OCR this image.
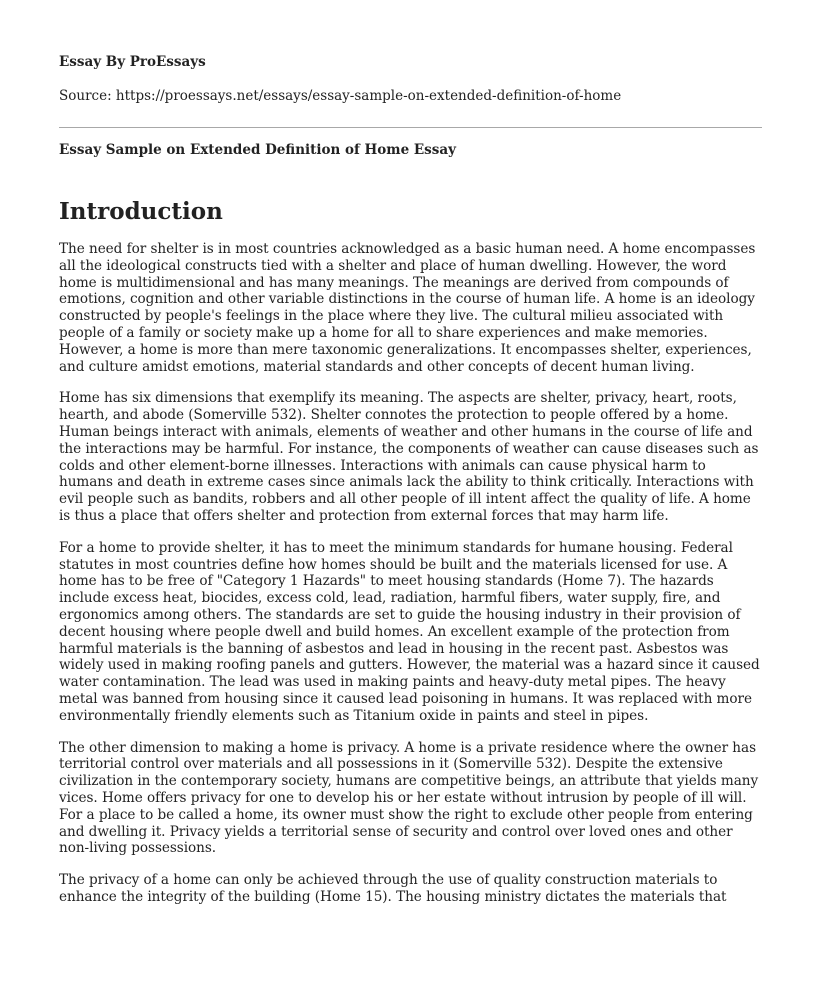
Essay By ProEssays

Source: https://proessays.net/essays/essay-sample-on-extended-definition-of-home

Essay Sample on Extended Definition of Home Essay

Introduction

The need for shelter is in most countries acknowledged as a basic human need. A home encompasses all the ideological constructs tied with a shelter and place of human dwelling. However, the word home is multidimensional and has many meanings. The meanings are derived from compounds of emotions, cognition and other variable distinctions in the course of human life. A home is an ideology constructed by people's feelings in the place where they live. The cultural milieu associated with people of a family or society make up a home for all to share experiences and make memories. However, a home is more than mere taxonomic generalizations. It encompasses shelter, experiences, and culture amidst emotions, material standards and other concepts of decent human living.

Home has six dimensions that exemplify its meaning. The aspects are shelter, privacy, heart, roots, hearth, and abode (Somerville 532). Shelter connotes the protection to people offered by a home. Human beings interact with animals, elements of weather and other humans in the course of life and the interactions may be harmful. For instance, the components of weather can cause diseases such as colds and other element-borne illnesses. Interactions with animals can cause physical harm to humans and death in extreme cases since animals lack the ability to think critically. Interactions with evil people such as bandits, robbers and all other people of ill intent affect the quality of life. A home is thus a place that offers shelter and protection from external forces that may harm life.

For a home to provide shelter, it has to meet the minimum standards for humane housing. Federal statutes in most countries define how homes should be built and the materials licensed for use. A home has to be free of "Category 1 Hazards" to meet housing standards (Home 7). The hazards include excess heat, biocides, excess cold, lead, radiation, harmful fibers, water supply, fire, and ergonomics among others. The standards are set to guide the housing industry in their provision of decent housing where people dwell and build homes. An excellent example of the protection from harmful materials is the banning of asbestos and lead in housing in the recent past. Asbestos was widely used in making roofing panels and gutters. However, the material was a hazard since it caused water contamination. The lead was used in making paints and heavy-duty metal pipes. The heavy metal was banned from housing since it caused lead poisoning in humans. It was replaced with more environmentally friendly elements such as Titanium oxide in paints and steel in pipes.

The other dimension to making a home is privacy. A home is a private residence where the owner has territorial control over materials and all possessions in it (Somerville 532). Despite the extensive civilization in the contemporary society, humans are competitive beings, an attribute that yields many vices. Home offers privacy for one to develop his or her estate without intrusion by people of ill will. For a place to be called a home, its owner must show the right to exclude other people from entering and dwelling it. Privacy yields a territorial sense of security and control over loved ones and other non-living possessions.

The privacy of a home can only be achieved through the use of quality construction materials to enhance the integrity of the building (Home 15). The housing ministry dictates the materials that
